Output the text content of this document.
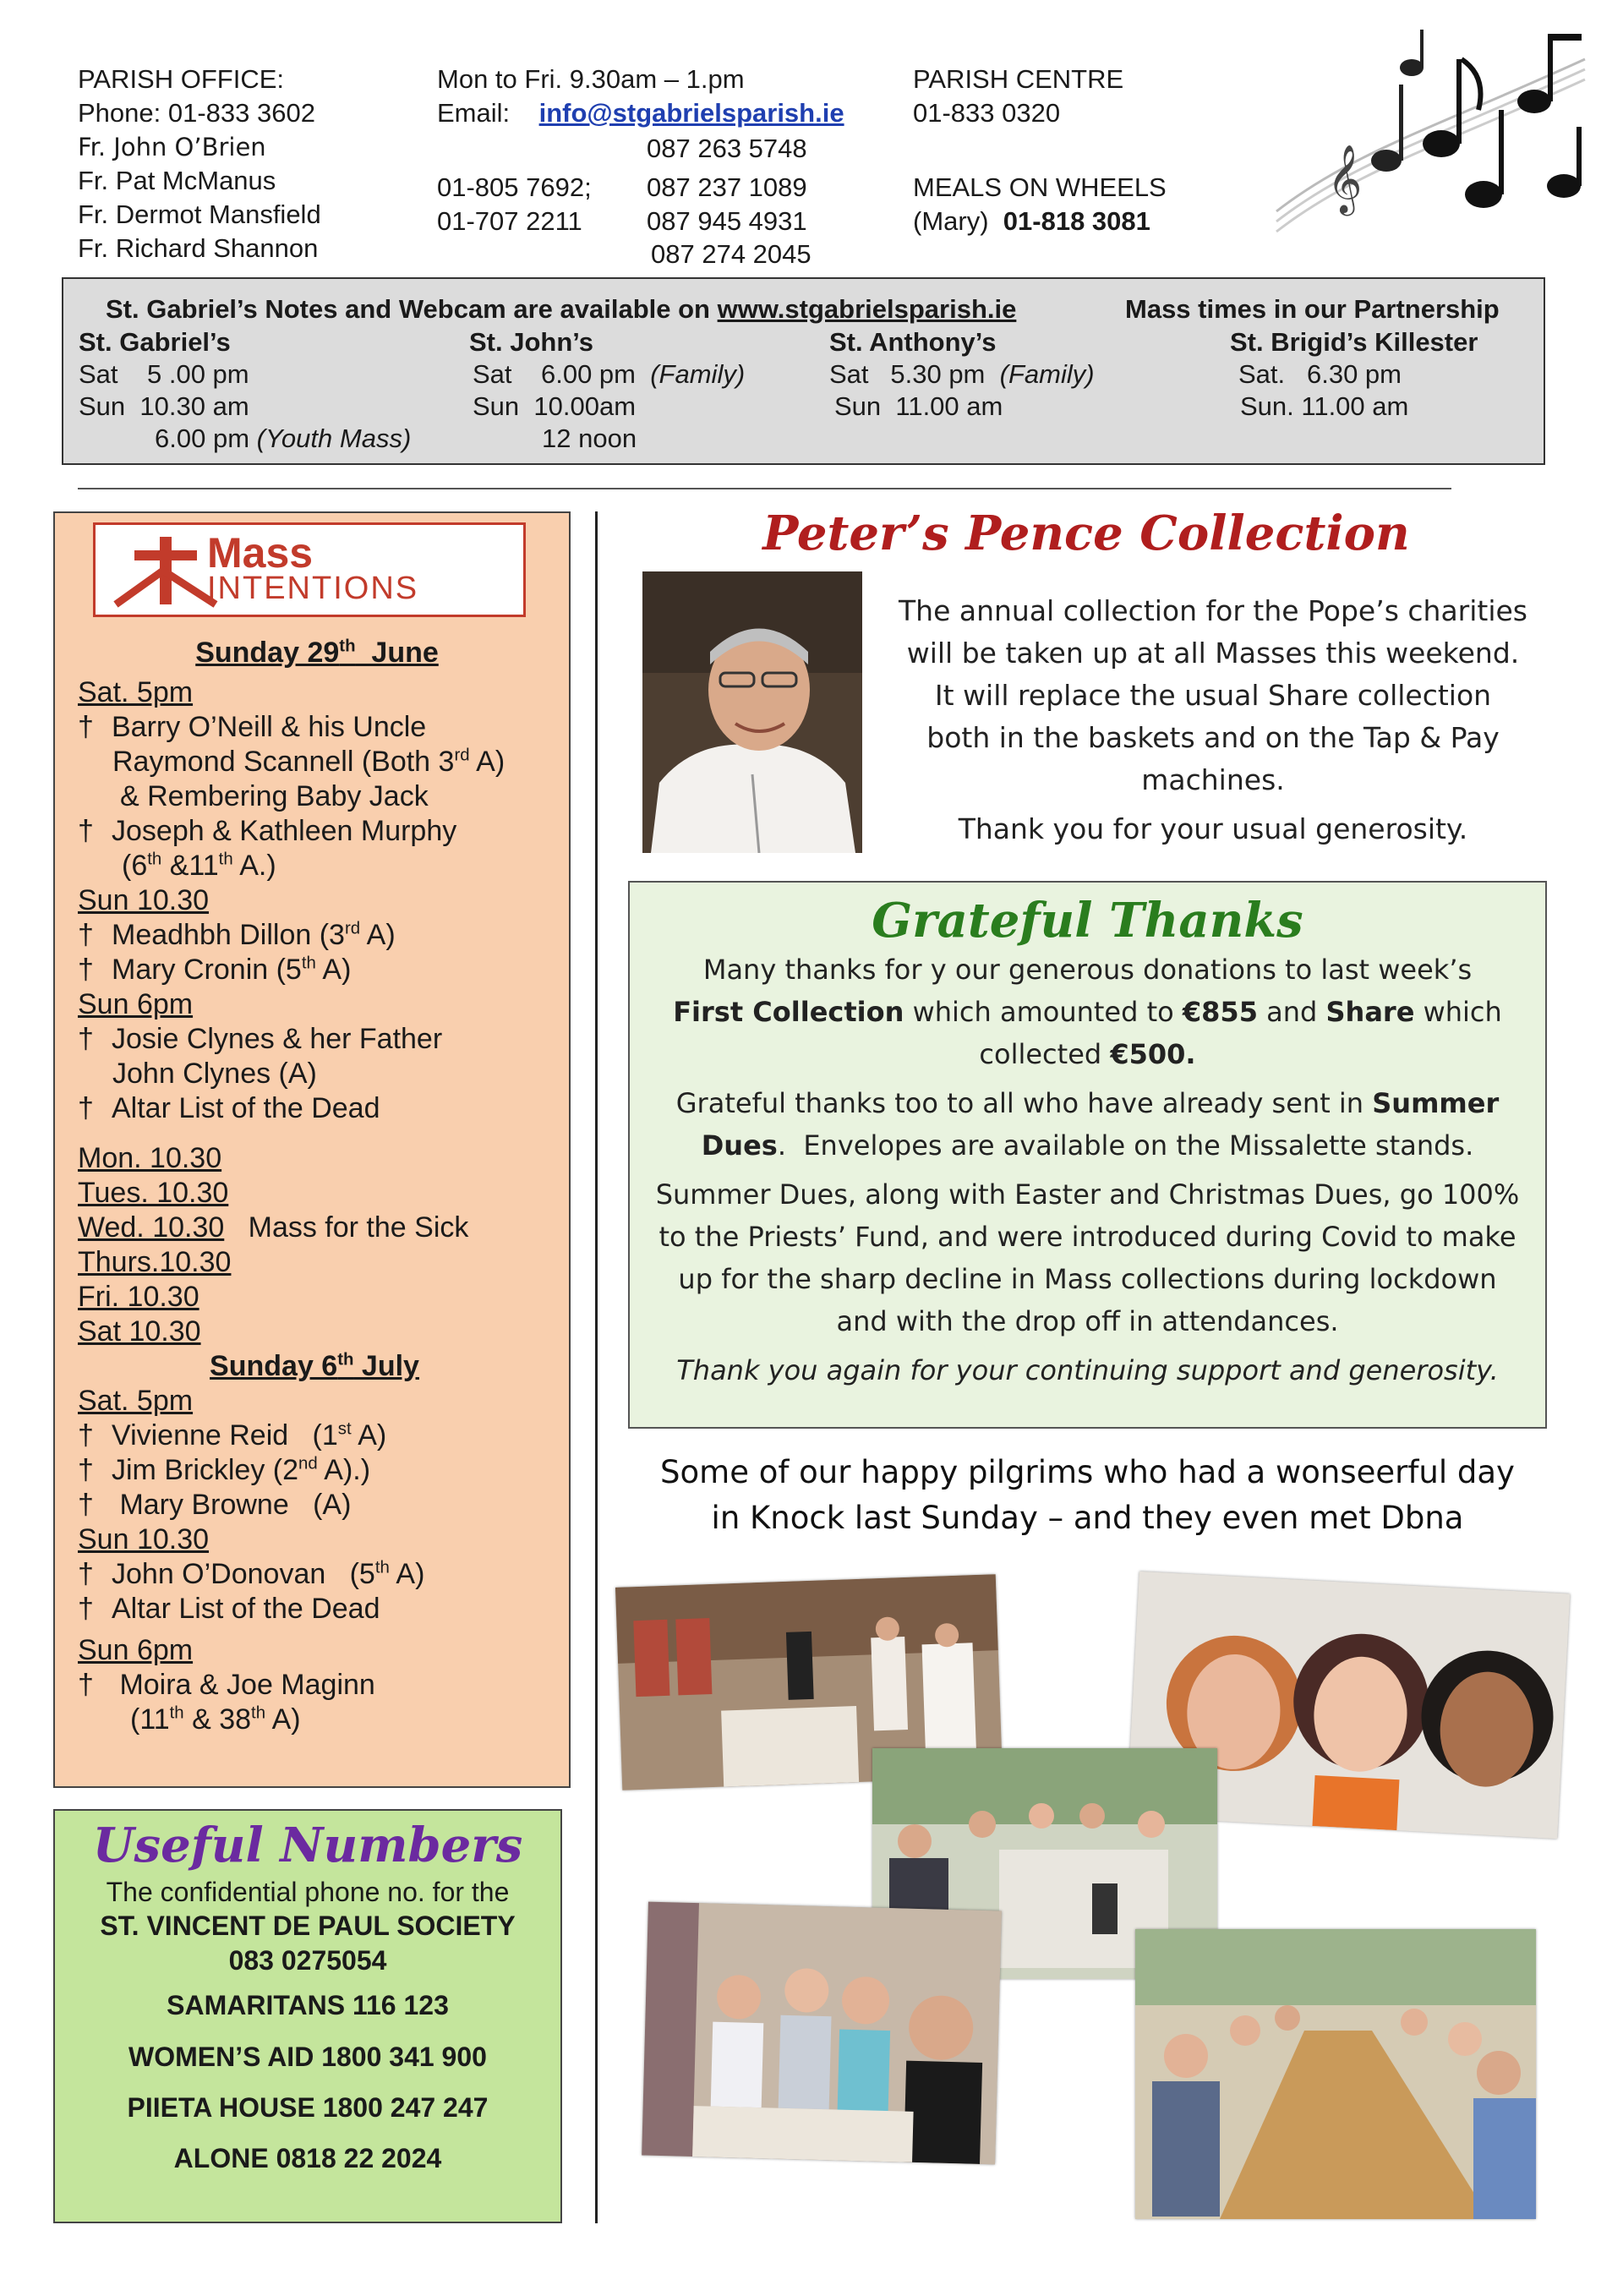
PARISH OFFICE:
Phone: 01-833 3602
Fr. John O’Brien
Fr. Pat McManus
Fr. Dermot Mansfield
Fr. Richard Shannon
Mon to Fri. 9.30am – 1.pm
Email: info@stgabrielsparish.ie
087 263 5748
01-805 7692; 087 237 1089
01-707 2211 087 945 4931
087 274 2045
PARISH CENTRE
01-833 0320
MEALS ON WHEELS
(Mary) 01-818 3081
𝄞
St. Gabriel’s Notes and Webcam are available on www.stgabrielsparish.ie	Mass times in our Partnership
St. Gabriel’s
Sat    5 .00 pm
Sun  10.30 am
6.00 pm (Youth Mass)
St. John’s
Sat    6.00 pm (Family)
Sun  10.00am
12 noon
St. Anthony’s
Sat   5.30 pm (Family)
Sun  11.00 am
St. Brigid’s Killester
Sat.   6.30 pm
Sun. 11.00 am
Mass
INTENTIONS
Sunday 29th  June
Sat. 5pm
† Barry O’Neill & his Uncle
Raymond Scannell (Both 3rd A)
& Rembering Baby Jack
† Joseph & Kathleen Murphy
(6th &11th A.)
Sun 10.30
† Meadhbh Dillon (3rd A)
† Mary Cronin (5th A)
Sun 6pm
† Josie Clynes & her Father
John Clynes (A)
† Altar List of the Dead
Mon. 10.30
Tues. 10.30
Wed. 10.30 Mass for the Sick
Thurs.10.30
Fri. 10.30
Sat 10.30
Sunday 6th July
Sat. 5pm
† Vivienne Reid   (1st A)
† Jim Brickley (2nd A).)
† Mary Browne   (A)
Sun 10.30
† John O’Donovan   (5th A)
† Altar List of the Dead
Sun 6pm
† Moira & Joe Maginn
(11th & 38th A)
Useful Numbers
The confidential phone no. for the
ST. VINCENT DE PAUL SOCIETY
083 0275054
SAMARITANS 116 123
WOMEN’S AID 1800 341 900
PIIETA HOUSE 1800 247 247
ALONE 0818 22 2024
Peter’s Pence Collection
The annual collection for the Pope’s charities
will be taken up at all Masses this weekend.
It will replace the usual Share collection
both in the baskets and on the Tap & Pay
machines.
Thank you for your usual generosity.
Grateful Thanks
Many thanks for y our generous donations to last week’s
First Collection which amounted to €855 and Share which
collected €500.
Grateful thanks too to all who have already sent in Summer
Dues.  Envelopes are available on the Missalette stands.
Summer Dues, along with Easter and Christmas Dues, go 100%
to the Priests’ Fund, and were introduced during Covid to make
up for the sharp decline in Mass collections during lockdown
and with the drop off in attendances.
Thank you again for your continuing support and generosity.
Some of our happy pilgrims who had a wonseerful day
in Knock last Sunday – and they even met Dbna
